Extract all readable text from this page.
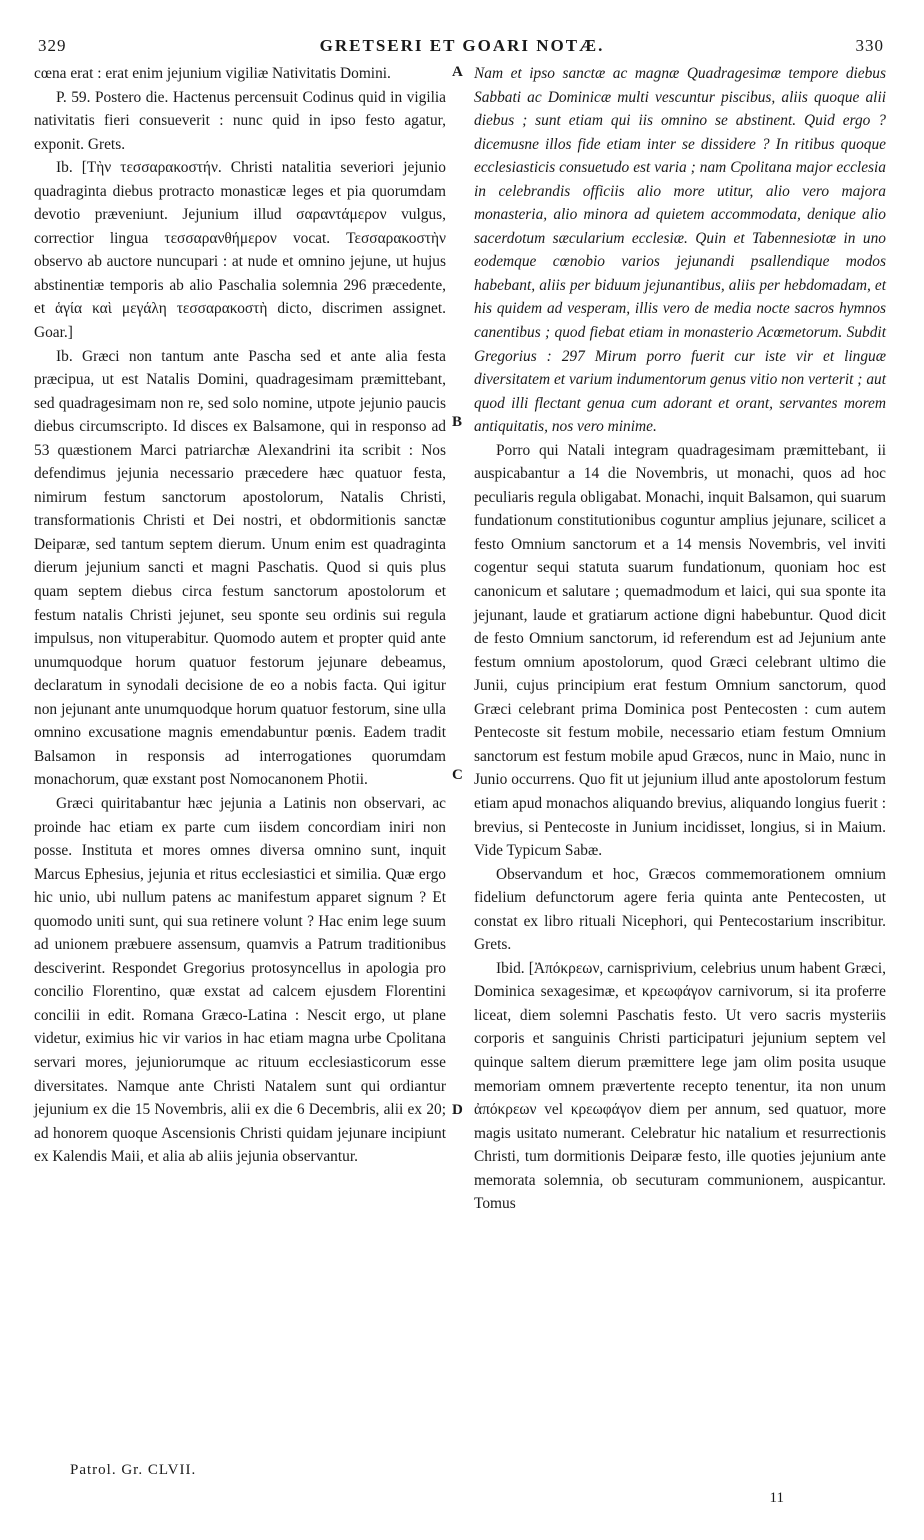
329	GRETSERI ET GOARI NOTÆ.	330

cœna erat : erat enim jejunium vigiliæ Nativitatis Domini.

P. 59. Postero die. Hactenus percensuit Codinus quid in vigilia nativitatis fieri consueverit : nunc quid in ipso festo agatur, exponit. Grets.

Ib. [Τὴν τεσσαρακοστήν. Christi natalitia severiori jejunio quadraginta diebus protracto monasticæ leges et pia quorumdam devotio præveniunt. Jejunium illud σαραντάμερον vulgus, correctior lingua τεσσαρανθήμερον vocat. Τεσσαρακοστὴν observo ab auctore nuncupari : at nude et omnino jejune, ut hujus abstinentiæ temporis ab alio Paschalia solemnia 296 præcedente, et ἁγία καὶ μεγάλη τεσσαρακοστὴ dicto, discrimen assignet. Goar.]

Ib. Græci non tantum ante Pascha sed et ante alia festa præcipua, ut est Natalis Domini, quadragesimam præmittebant, sed quadragesimam non re, sed solo nomine, utpote jejunio paucis diebus circumscripto. Id disces ex Balsamone, qui in responso ad 53 quæstionem Marci patriarchæ Alexandrini ita scribit : Nos defendimus jejunia necessario præcedere hæc quatuor festa, nimirum festum sanctorum apostolorum, Natalis Christi, transformationis Christi et Dei nostri, et obdormitionis sanctæ Deiparæ, sed tantum septem dierum. Unum enim est quadraginta dierum jejunium sancti et magni Paschatis. Quod si quis plus quam septem diebus circa festum sanctorum apostolorum et festum natalis Christi jejunet, seu sponte seu ordinis sui regula impulsus, non vituperabitur. Quomodo autem et propter quid ante unumquodque horum quatuor festorum jejunare debeamus, declaratum in synodali decisione de eo a nobis facta. Qui igitur non jejunant ante unumquodque horum quatuor festorum, sine ulla omnino excusatione magnis emendabuntur pœnis. Eadem tradit Balsamon in responsis ad interrogationes quorumdam monachorum, quæ exstant post Nomocanonem Photii.

Græci quiritabantur hæc jejunia a Latinis non observari, ac proinde hac etiam ex parte cum iisdem concordiam iniri non posse. Instituta et mores omnes diversa omnino sunt, inquit Marcus Ephesius, jejunia et ritus ecclesiastici et similia. Quæ ergo hic unio, ubi nullum patens ac manifestum apparet signum ? Et quomodo uniti sunt, qui sua retinere volunt ? Hac enim lege suum ad unionem præbuere assensum, quamvis a Patrum traditionibus desciverint. Respondet Gregorius protosyncellus in apologia pro concilio Florentino, quæ exstat ad calcem ejusdem Florentini concilii in edit. Romana Græco-Latina : Nescit ergo, ut plane videtur, eximius hic vir varios in hac etiam magna urbe Cpolitana servari mores, jejuniorumque ac rituum ecclesiasticorum esse diversitates. Namque ante Christi Natalem sunt qui ordiantur jejunium ex die 15 Novembris, alii ex die 6 Decembris, alii ex 20; ad honorem quoque Ascensionis Christi quidam jejunare incipiunt ex Kalendis Maii, et alia ab aliis jejunia observantur.

A
B
C
D

Nam et ipso sanctæ ac magnæ Quadragesimæ tempore diebus Sabbati ac Dominicæ multi vescuntur piscibus, aliis quoque alii diebus ; sunt etiam qui iis omnino se abstinent. Quid ergo ? dicemusne illos fide etiam inter se dissidere ? In ritibus quoque ecclesiasticis consuetudo est varia ; nam Cpolitana major ecclesia in celebrandis officiis alio more utitur, alio vero majora monasteria, alio minora ad quietem accommodata, denique alio sacerdotum sæcularium ecclesiæ. Quin et Tabennesiotæ in uno eodemque cœnobio varios jejunandi psallendique modos habebant, aliis per biduum jejunantibus, aliis per hebdomadam, et his quidem ad vesperam, illis vero de media nocte sacros hymnos canentibus ; quod fiebat etiam in monasterio Acœmetorum. Subdit Gregorius : 297 Mirum porro fuerit cur iste vir et linguæ diversitatem et varium indumentorum genus vitio non verterit ; aut quod illi flectant genua cum adorant et orant, servantes morem antiquitatis, nos vero minime.

Porro qui Natali integram quadragesimam præmittebant, ii auspicabantur a 14 die Novembris, ut monachi, quos ad hoc peculiaris regula obligabat. Monachi, inquit Balsamon, qui suarum fundationum constitutionibus coguntur amplius jejunare, scilicet a festo Omnium sanctorum et a 14 mensis Novembris, vel inviti cogentur sequi statuta suarum fundationum, quoniam hoc est canonicum et salutare ; quemadmodum et laici, qui sua sponte ita jejunant, laude et gratiarum actione digni habebuntur. Quod dicit de festo Omnium sanctorum, id referendum est ad Jejunium ante festum omnium apostolorum, quod Græci celebrant ultimo die Junii, cujus principium erat festum Omnium sanctorum, quod Græci celebrant prima Dominica post Pentecosten : cum autem Pentecoste sit festum mobile, necessario etiam festum Omnium sanctorum est festum mobile apud Græcos, nunc in Maio, nunc in Junio occurrens. Quo fit ut jejunium illud ante apostolorum festum etiam apud monachos aliquando brevius, aliquando longius fuerit : brevius, si Pentecoste in Junium incidisset, longius, si in Maium. Vide Typicum Sabæ.

Observandum et hoc, Græcos commemorationem omnium fidelium defunctorum agere feria quinta ante Pentecosten, ut constat ex libro rituali Nicephori, qui Pentecostarium inscribitur. Grets.

Ibid. [Ἀπόκρεων, carnisprivium, celebrius unum habent Græci, Dominica sexagesimæ, et κρεωφάγον carnivorum, si ita proferre liceat, diem solemni Paschatis festo. Ut vero sacris mysteriis corporis et sanguinis Christi participaturi jejunium septem vel quinque saltem dierum præmittere lege jam olim posita usuque memoriam omnem prævertente recepto tenentur, ita non unum ἀπόκρεων vel κρεωφάγον diem per annum, sed quatuor, more magis usitato numerant. Celebratur hic natalium et resurrectionis Christi, tum dormitionis Deiparæ festo, ille quoties jejunium ante memorata solemnia, ob secuturam communionem, auspicantur. Tomus

Patrol. Gr. CLVII.
11
